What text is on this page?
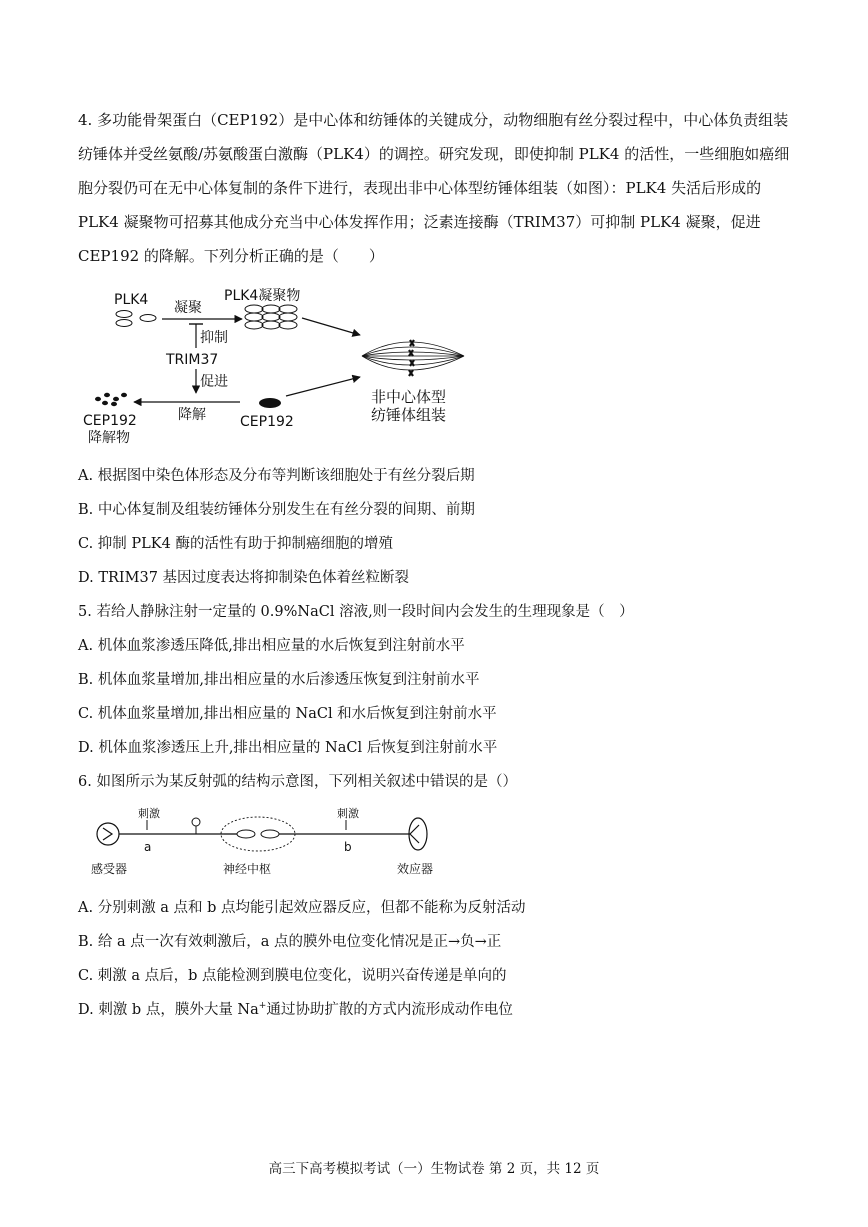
4. 多功能骨架蛋白（CEP192）是中心体和纺锤体的关键成分，动物细胞有丝分裂过程中，中心体负责组装纺锤体并受丝氨酸/苏氨酸蛋白激酶（PLK4）的调控。研究发现，即使抑制 PLK4 的活性，一些细胞如癌细胞分裂仍可在无中心体复制的条件下进行，表现出非中心体型纺锤体组装（如图）：PLK4 失活后形成的 PLK4 凝聚物可招募其他成分充当中心体发挥作用；泛素连接酶（TRIM37）可抑制 PLK4 凝聚，促进 CEP192 的降解。下列分析正确的是（　　）

PLK4 凝聚
PLK4凝聚物
抑制
TRIM37
促进
降解
CEP192
降解物
CEP192
非中心体型
纺锤体组装
A. 根据图中染色体形态及分布等判断该细胞处于有丝分裂后期
B. 中心体复制及组装纺锤体分别发生在有丝分裂的间期、前期
C. 抑制 PLK4 酶的活性有助于抑制癌细胞的增殖
D. TRIM37 基因过度表达将抑制染色体着丝粒断裂
5. 若给人静脉注射一定量的 0.9%NaCl 溶液,则一段时间内会发生的生理现象是（　）
A. 机体血浆渗透压降低,排出相应量的水后恢复到注射前水平
B. 机体血浆量增加,排出相应量的水后渗透压恢复到注射前水平
C. 机体血浆量增加,排出相应量的 NaCl 和水后恢复到注射前水平
D. 机体血浆渗透压上升,排出相应量的 NaCl 后恢复到注射前水平
6. 如图所示为某反射弧的结构示意图，下列相关叙述中错误的是（）
刺激
a
刺激
b
感受器	神经中枢	效应器
A. 分别刺激 a 点和 b 点均能引起效应器反应，但都不能称为反射活动
B. 给 a 点一次有效刺激后，a 点的膜外电位变化情况是正→负→正
C. 刺激 a 点后，b 点能检测到膜电位变化，说明兴奋传递是单向的
D. 刺激 b 点，膜外大量 Na+通过协助扩散的方式内流形成动作电位
高三下高考模拟考试（一）生物试卷 第 2 页，共 12 页
